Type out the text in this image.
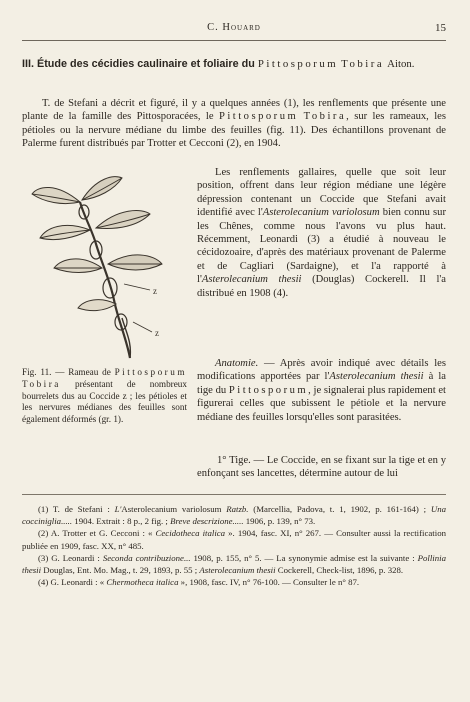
C. Houard	15
III. Étude des cécidies caulinaire et foliaire du Pittosporum Tobira Aiton.
T. de Stefani a décrit et figuré, il y a quelques années (1), les renflements que présente une plante de la famille des Pittosporacées, le Pittosporum Tobira, sur les rameaux, les pétioles ou la nervure médiane du limbe des feuilles (fig. 11). Des échantillons provenant de Palerme furent distribués par Trotter et Cecconi (2), en 1904.
z
z
Les renflements gallaires, quelle que soit leur position, offrent dans leur région médiane une légère dépression contenant un Coccide que Stefani avait identifié avec l'Asterolecanium variolosum bien connu sur les Chênes, comme nous l'avons vu plus haut. Récemment, Leonardi (3) a étudié à nouveau le cécidozoaire, d'après des matériaux provenant de Palerme et de Cagliari (Sardaigne), et l'a rapporté à l'Asterolecanium thesii (Douglas) Cockerell. Il l'a distribué en 1908 (4).
Fig. 11. — Rameau de Pittosporum Tobira présentant de nombreux bourrelets dus au Coccide z ; les pétioles et les nervures médianes des feuilles sont également déformés (gr. 1).
Anatomie. — Après avoir indiqué avec détails les modifications apportées par l'Asterolecanium thesii à la tige du Pittosporum, je signalerai plus rapidement et figurerai celles que subissent le pétiole et la nervure médiane des feuilles lorsqu'elles sont parasitées.
1° Tige. — Le Coccide, en se fixant sur la tige et en y enfonçant ses lancettes, détermine autour de lui

(1) T. de Stefani : L'Asterolecanium variolosum Ratzb. (Marcellia, Padova, t. 1, 1902, p. 161-164) ; Una cocciniglia..... 1904. Extrait : 8 p., 2 fig. ; Breve descrizione..... 1906, p. 139, n° 73.

(2) A. Trotter et G. Cecconi : « Cecidotheca italica ». 1904, fasc. XI, n° 267. — Consulter aussi la rectification publiée en 1909, fasc. XX, n° 485.

(3) G. Leonardi : Seconda contribuzione... 1908, p. 155, n° 5. — La synonymie admise est la suivante : Pollinia thesii Douglas, Ent. Mo. Mag., t. 29, 1893, p. 55 ; Asterolecanium thesii Cockerell, Check-list, 1896, p. 328.

(4) G. Leonardi : « Chermotheca italica », 1908, fasc. IV, n° 76-100. — Consulter le n° 87.
